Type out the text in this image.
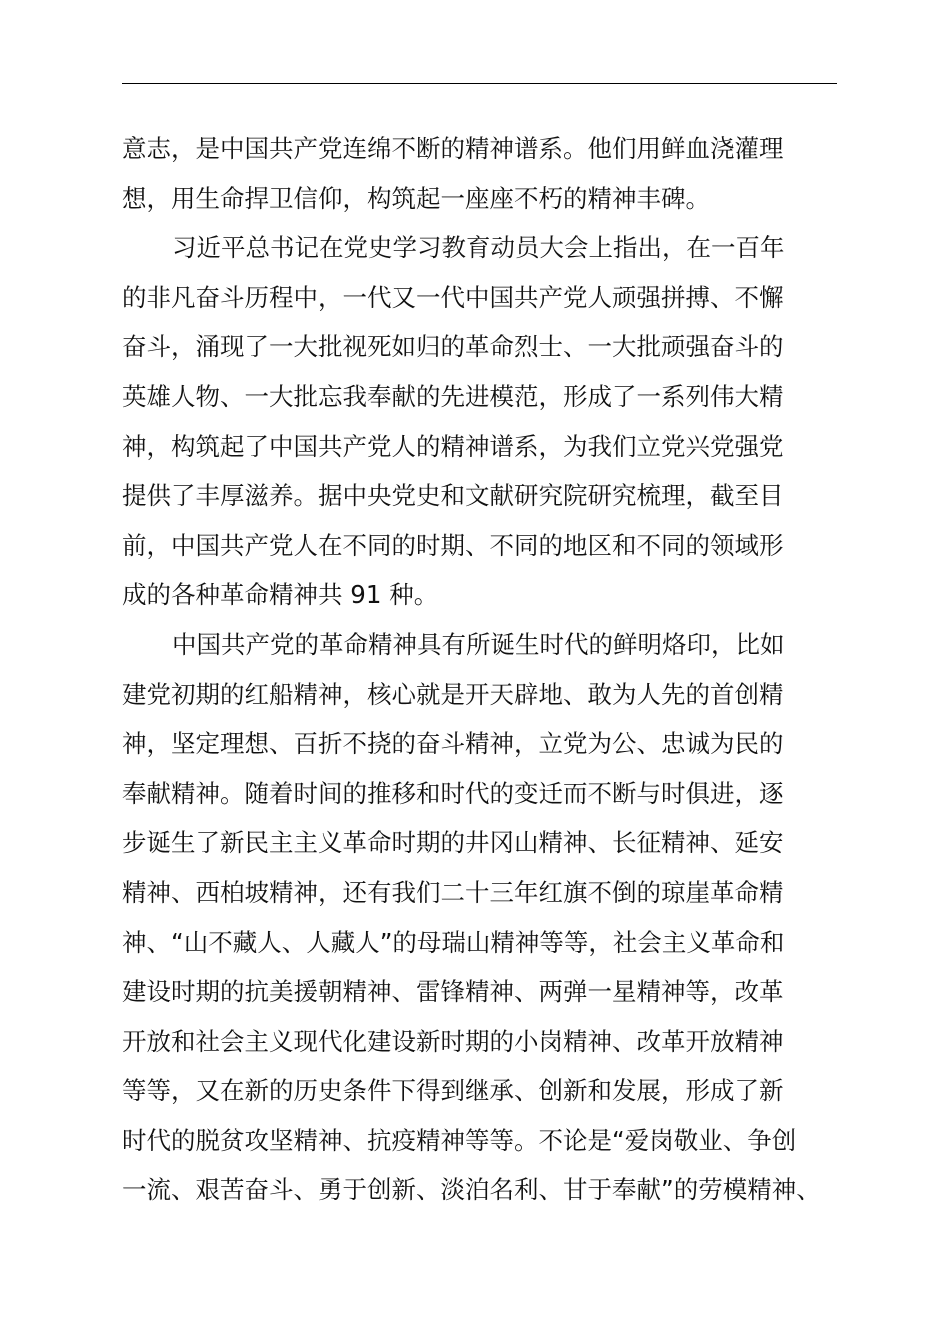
意志，是中国共产党连绵不断的精神谱系。他们用鲜血浇灌理
想，用生命捍卫信仰，构筑起一座座不朽的精神丰碑。
习近平总书记在党史学习教育动员大会上指出，在一百年
的非凡奋斗历程中，一代又一代中国共产党人顽强拼搏、不懈
奋斗，涌现了一大批视死如归的革命烈士、一大批顽强奋斗的
英雄人物、一大批忘我奉献的先进模范，形成了一系列伟大精
神，构筑起了中国共产党人的精神谱系，为我们立党兴党强党
提供了丰厚滋养。据中央党史和文献研究院研究梳理，截至目
前，中国共产党人在不同的时期、不同的地区和不同的领域形
成的各种革命精神共 91 种。
中国共产党的革命精神具有所诞生时代的鲜明烙印，比如
建党初期的红船精神，核心就是开天辟地、敢为人先的首创精
神，坚定理想、百折不挠的奋斗精神，立党为公、忠诚为民的
奉献精神。随着时间的推移和时代的变迁而不断与时俱进，逐
步诞生了新民主主义革命时期的井冈山精神、长征精神、延安
精神、西柏坡精神，还有我们二十三年红旗不倒的琼崖革命精
神、“山不藏人、人藏人”的母瑞山精神等等，社会主义革命和
建设时期的抗美援朝精神、雷锋精神、两弹一星精神等，改革
开放和社会主义现代化建设新时期的小岗精神、改革开放精神
等等，又在新的历史条件下得到继承、创新和发展，形成了新
时代的脱贫攻坚精神、抗疫精神等等。不论是“爱岗敬业、争创
一流、艰苦奋斗、勇于创新、淡泊名利、甘于奉献”的劳模精神、
